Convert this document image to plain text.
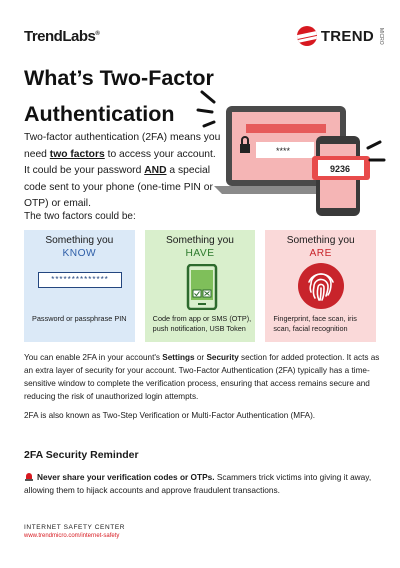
TrendLabs®	TREND MICRO
What’s Two-Factor
Authentication
****
9236
Two-factor authentication (2FA) means you need two factors to access your account. It could be your password AND a special code sent to your phone (one-time PIN or OTP) or email.
The two factors could be:
Something you
KNOW
**************
Password or passphrase PIN
Something you
HAVE
Code from app or SMS (OTP), push notification, USB Token
Something you
ARE
Fingerprint, face scan, iris scan, facial recognition
You can enable 2FA in your account's Settings or Security section for added protection. It acts as an extra layer of security for your account. Two-Factor Authentication (2FA) typically has a time-sensitive window to complete the verification process, ensuring that access remains secure and reducing the risk of unauthorized login attempts.
2FA is also known as Two-Step Verification or Multi-Factor Authentication (MFA).
2FA Security Reminder
Never share your verification codes or OTPs. Scammers trick victims into giving it away, allowing them to hijack accounts and approve fraudulent transactions.
INTERNET SAFETY CENTER
www.trendmicro.com/internet-safety
